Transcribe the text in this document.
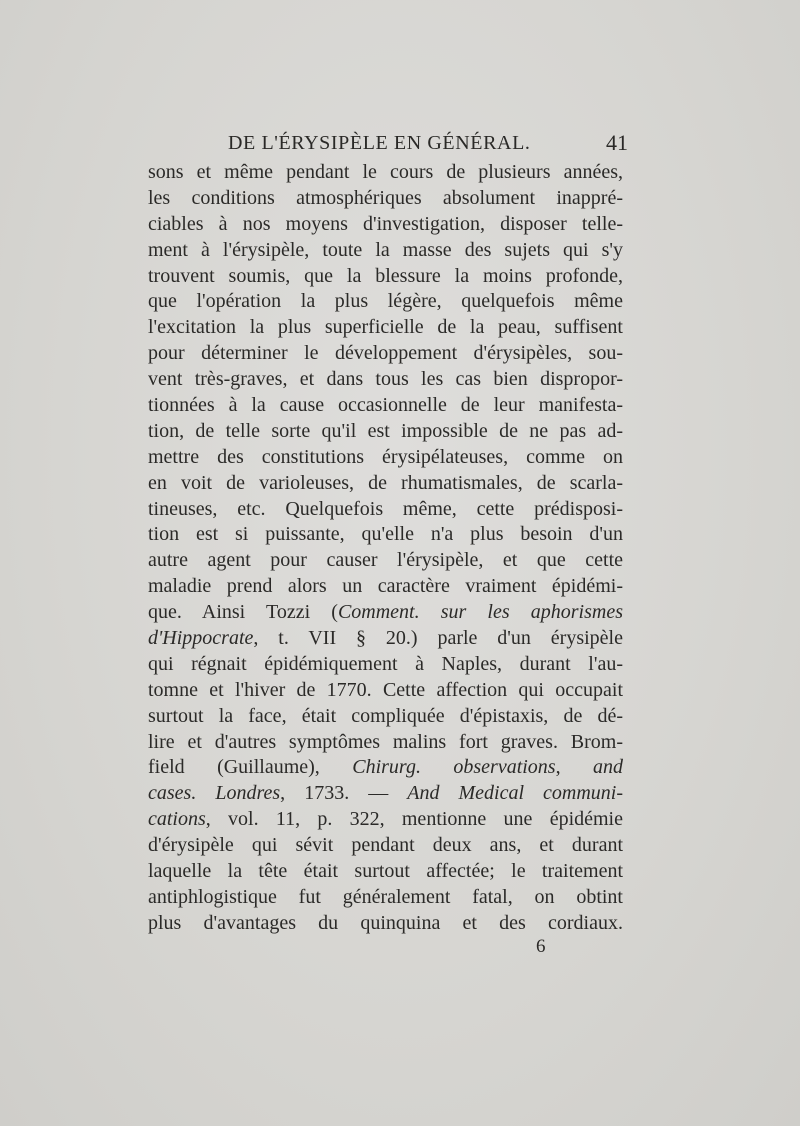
DE L'ÉRYSIPÈLE EN GÉNÉRAL.	41
sons et même pendant le cours de plusieurs années,
les conditions atmosphériques absolument inappré-
ciables à nos moyens d'investigation, disposer telle-
ment à l'érysipèle, toute la masse des sujets qui s'y
trouvent soumis, que la blessure la moins profonde,
que l'opération la plus légère, quelquefois même
l'excitation la plus superficielle de la peau, suffisent
pour déterminer le développement d'érysipèles, sou-
vent très-graves, et dans tous les cas bien dispropor-
tionnées à la cause occasionnelle de leur manifesta-
tion, de telle sorte qu'il est impossible de ne pas ad-
mettre des constitutions érysipélateuses, comme on
en voit de varioleuses, de rhumatismales, de scarla-
tineuses, etc. Quelquefois même, cette prédisposi-
tion est si puissante, qu'elle n'a plus besoin d'un
autre agent pour causer l'érysipèle, et que cette
maladie prend alors un caractère vraiment épidémi-
que. Ainsi Tozzi (Comment. sur les aphorismes
d'Hippocrate, t. VII § 20.) parle d'un érysipèle
qui régnait épidémiquement à Naples, durant l'au-
tomne et l'hiver de 1770. Cette affection qui occupait
surtout la face, était compliquée d'épistaxis, de dé-
lire et d'autres symptômes malins fort graves. Brom-
field (Guillaume), Chirurg. observations, and
cases. Londres, 1733. — And Medical communi-
cations, vol. 11, p. 322, mentionne une épidémie
d'érysipèle qui sévit pendant deux ans, et durant
laquelle la tête était surtout affectée; le traitement
antiphlogistique fut généralement fatal, on obtint
plus d'avantages du quinquina et des cordiaux.
6
